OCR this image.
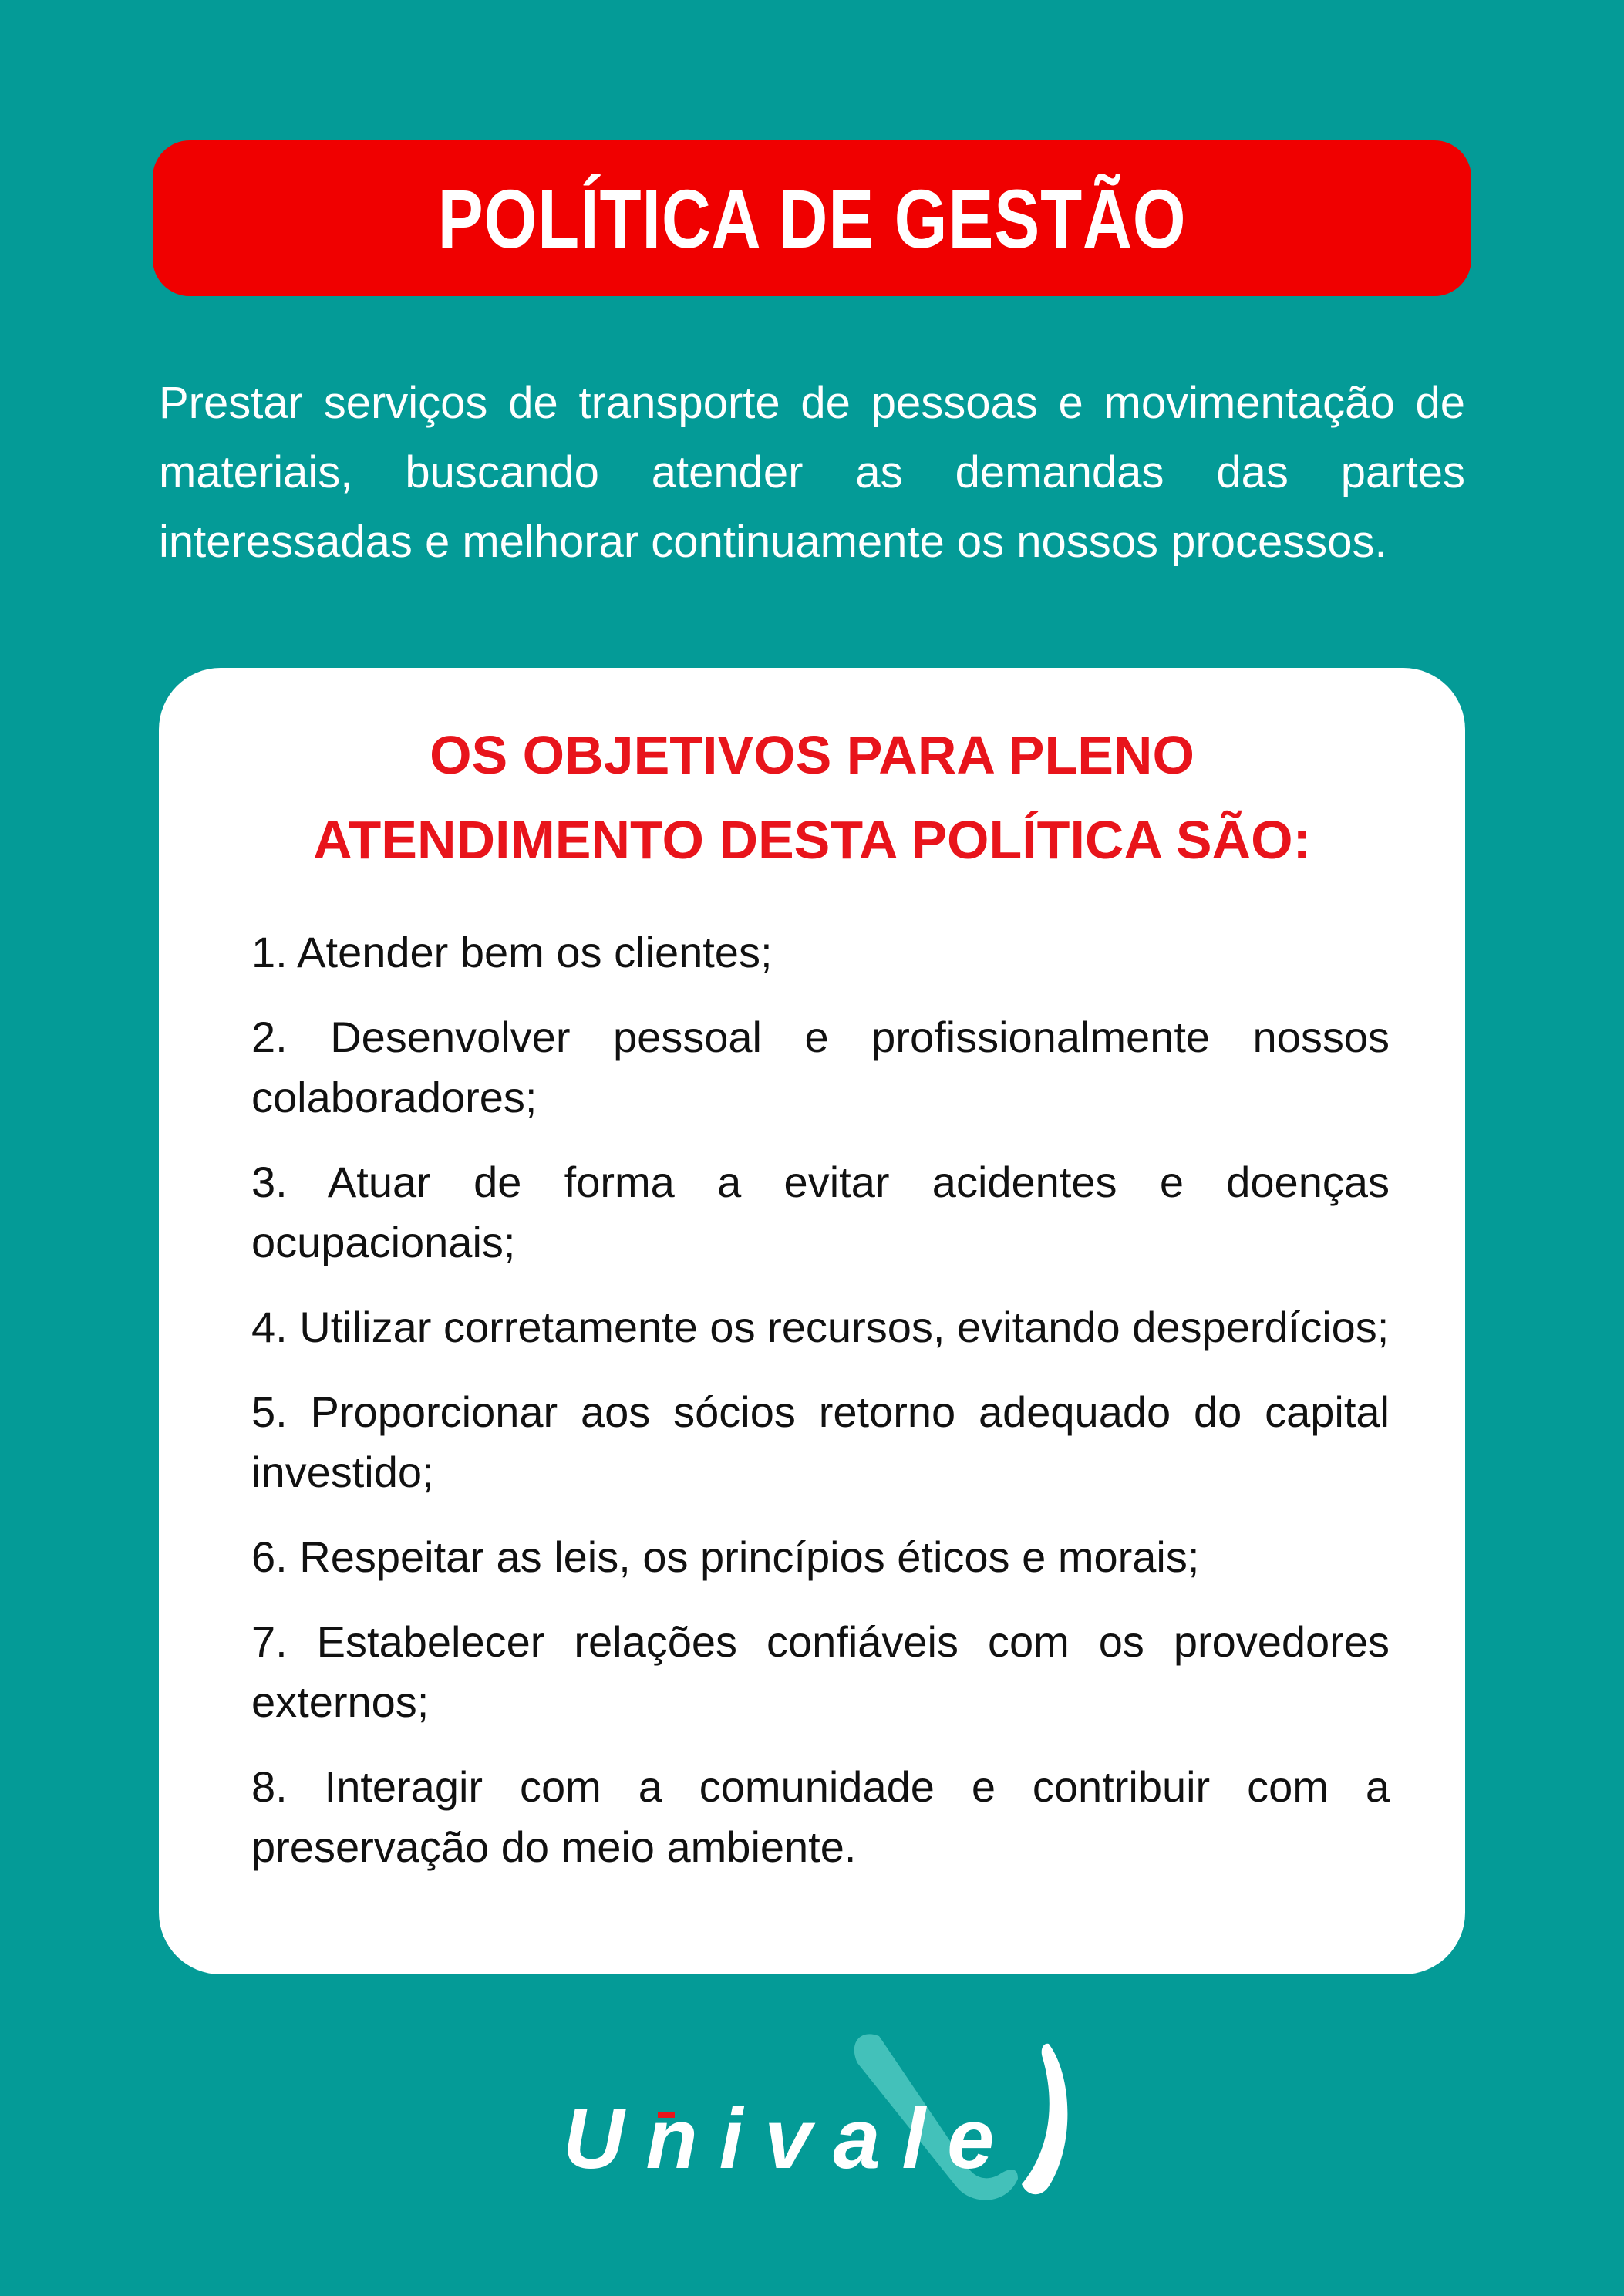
POLÍTICA DE GESTÃO

Prestar serviços de transporte de pessoas e movimentação de materiais, buscando atender as demandas das partes interessadas e melhorar continuamente os nossos processos.

OS OBJETIVOS PARA PLENO
ATENDIMENTO DESTA POLÍTICA SÃO:
1. Atender bem os clientes;
2. Desenvolver pessoal e profissionalmente nossos colaboradores;
3. Atuar de forma a evitar acidentes e doenças ocupacionais;
4. Utilizar corretamente os recursos, evitando desperdícios;
5. Proporcionar aos sócios retorno adequado do capital investido;
6. Respeitar as leis, os princípios éticos e morais;
7. Estabelecer relações confiáveis com os provedores externos;
8. Interagir com a comunidade e contribuir com a preservação do meio ambiente.
Univale
